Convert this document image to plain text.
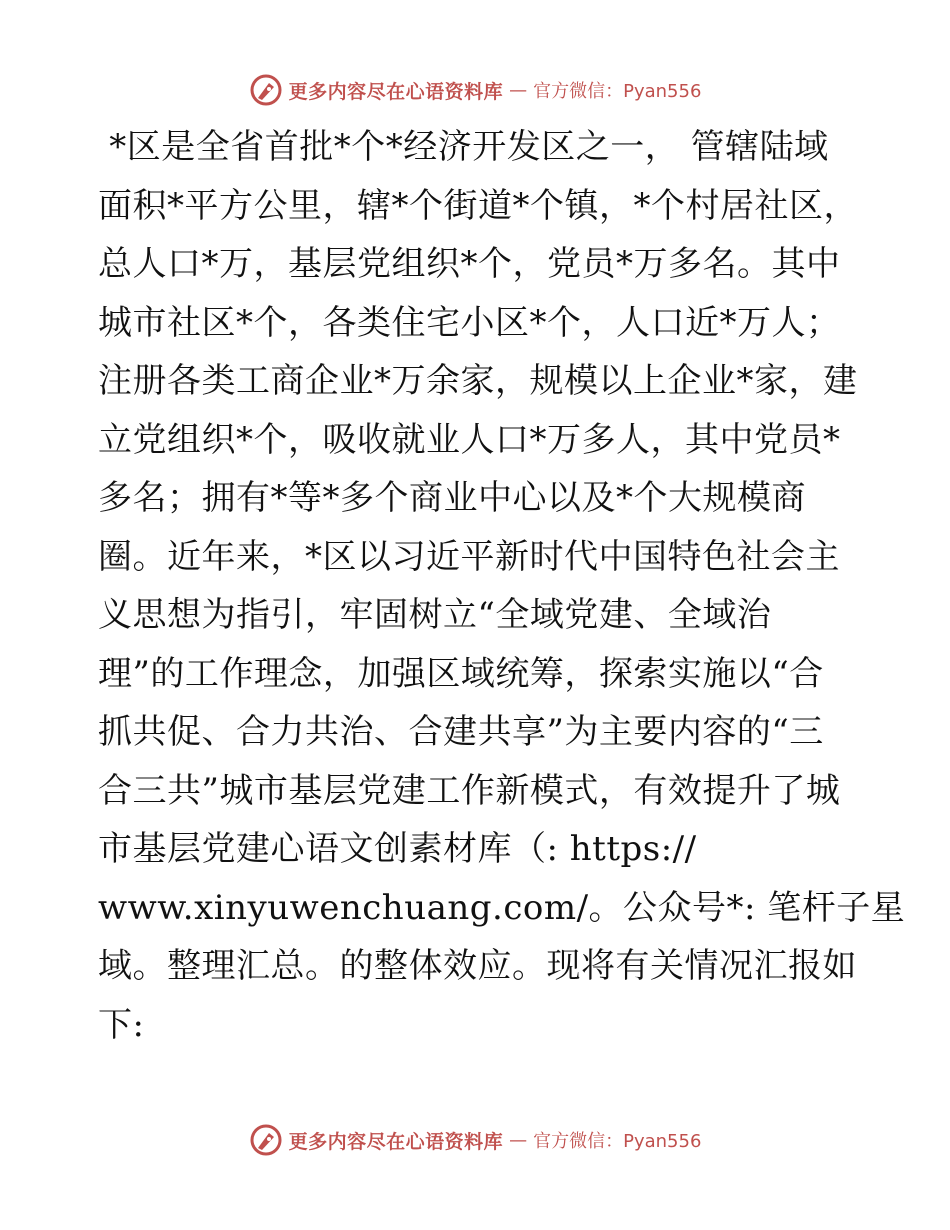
更多内容尽在心语资料库 — 官方微信：Pyan556
*区是全省首批*个*经济开发区之一， 管辖陆域
面积*平方公里，辖*个街道*个镇，*个村居社区，
总人口*万，基层党组织*个，党员*万多名。其中
城市社区*个，各类住宅小区*个，人口近*万人；
注册各类工商企业*万余家，规模以上企业*家，建
立党组织*个，吸收就业人口*万多人，其中党员*
多名；拥有*等*多个商业中心以及*个大规模商
圈。近年来，*区以习近平新时代中国特色社会主
义思想为指引，牢固树立“全域党建、全域治
理”的工作理念，加强区域统筹，探索实施以“合
抓共促、合力共治、合建共享”为主要内容的“三
合三共”城市基层党建工作新模式，有效提升了城
市基层党建心语文创素材库（: https://
www.xinyuwenchuang.com/。公众号*: 笔杆子星
域。整理汇总。的整体效应。现将有关情况汇报如
下:
更多内容尽在心语资料库 — 官方微信：Pyan556
